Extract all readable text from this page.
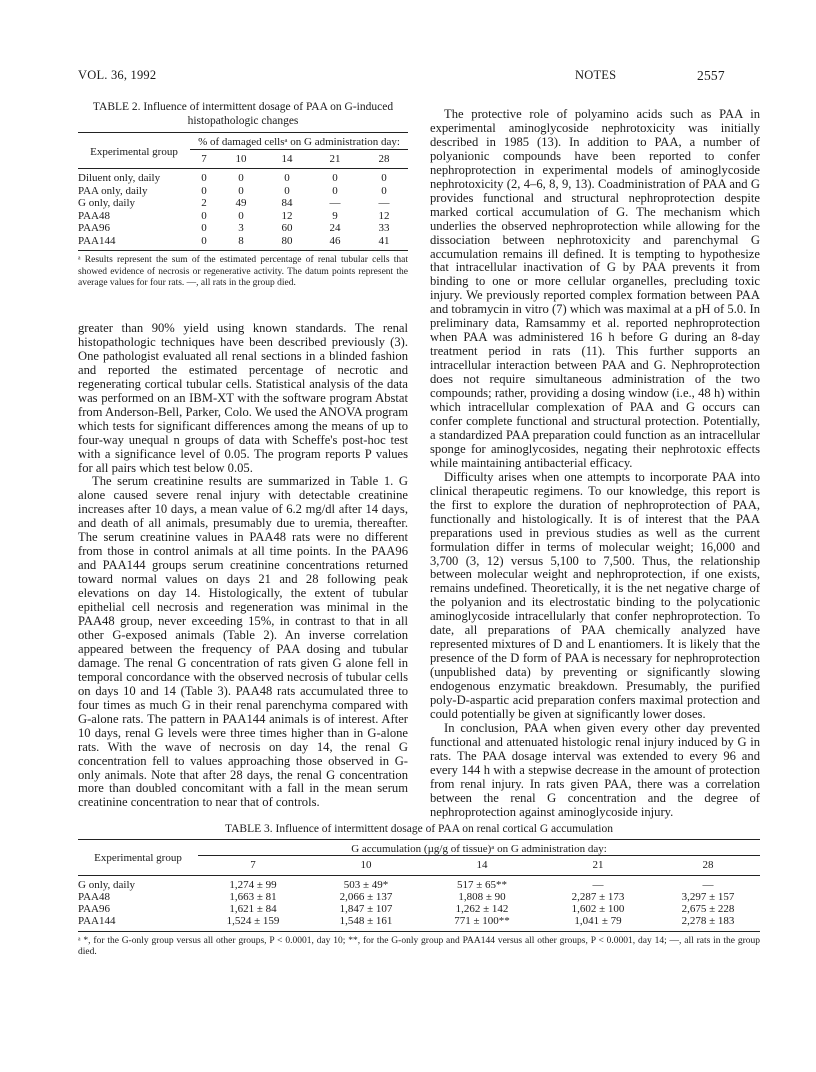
VOL. 36, 1992	NOTES	2557
TABLE 2. Influence of intermittent dosage of PAA on G-induced histopathologic changes
Experimental group	% of damaged cellsᵃ on G administration day:				
	7	10	14	21	28
Diluent only, daily	0	0	0	0	0
PAA only, daily	0	0	0	0	0
G only, daily	2	49	84	—	—
PAA48	0	0	12	9	12
PAA96	0	3	60	24	33
PAA144	0	8	80	46	41
ᵃ Results represent the sum of the estimated percentage of renal tubular cells that showed evidence of necrosis or regenerative activity. The datum points represent the average values for four rats. —, all rats in the group died.

greater than 90% yield using known standards. The renal histopathologic techniques have been described previously (3). One pathologist evaluated all renal sections in a blinded fashion and reported the estimated percentage of necrotic and regenerating cortical tubular cells. Statistical analysis of the data was performed on an IBM-XT with the software program Abstat from Anderson-Bell, Parker, Colo. We used the ANOVA program which tests for significant differences among the means of up to four-way unequal n groups of data with Scheffe's post-hoc test with a significance level of 0.05. The program reports P values for all pairs which test below 0.05.

The serum creatinine results are summarized in Table 1. G alone caused severe renal injury with detectable creatinine increases after 10 days, a mean value of 6.2 mg/dl after 14 days, and death of all animals, presumably due to uremia, thereafter. The serum creatinine values in PAA48 rats were no different from those in control animals at all time points. In the PAA96 and PAA144 groups serum creatinine concentrations returned toward normal values on days 21 and 28 following peak elevations on day 14. Histologically, the extent of tubular epithelial cell necrosis and regeneration was minimal in the PAA48 group, never exceeding 15%, in contrast to that in all other G-exposed animals (Table 2). An inverse correlation appeared between the frequency of PAA dosing and tubular damage. The renal G concentration of rats given G alone fell in temporal concordance with the observed necrosis of tubular cells on days 10 and 14 (Table 3). PAA48 rats accumulated three to four times as much G in their renal parenchyma compared with G-alone rats. The pattern in PAA144 animals is of interest. After 10 days, renal G levels were three times higher than in G-alone rats. With the wave of necrosis on day 14, the renal G concentration fell to values approaching those observed in G-only animals. Note that after 28 days, the renal G concentration more than doubled concomitant with a fall in the mean serum creatinine concentration to near that of controls.

The protective role of polyamino acids such as PAA in experimental aminoglycoside nephrotoxicity was initially described in 1985 (13). In addition to PAA, a number of polyanionic compounds have been reported to confer nephroprotection in experimental models of aminoglycoside nephrotoxicity (2, 4–6, 8, 9, 13). Coadministration of PAA and G provides functional and structural nephroprotection despite marked cortical accumulation of G. The mechanism which underlies the observed nephroprotection while allowing for the dissociation between nephrotoxicity and parenchymal G accumulation remains ill defined. It is tempting to hypothesize that intracellular inactivation of G by PAA prevents it from binding to one or more cellular organelles, precluding toxic injury. We previously reported complex formation between PAA and tobramycin in vitro (7) which was maximal at a pH of 5.0. In preliminary data, Ramsammy et al. reported nephroprotection when PAA was administered 16 h before G during an 8-day treatment period in rats (11). This further supports an intracellular interaction between PAA and G. Nephroprotection does not require simultaneous administration of the two compounds; rather, providing a dosing window (i.e., 48 h) within which intracellular complexation of PAA and G occurs can confer complete functional and structural protection. Potentially, a standardized PAA preparation could function as an intracellular sponge for aminoglycosides, negating their nephrotoxic effects while maintaining antibacterial efficacy.

Difficulty arises when one attempts to incorporate PAA into clinical therapeutic regimens. To our knowledge, this report is the first to explore the duration of nephroprotection of PAA, functionally and histologically. It is of interest that the PAA preparations used in previous studies as well as the current formulation differ in terms of molecular weight; 16,000 and 3,700 (3, 12) versus 5,100 to 7,500. Thus, the relationship between molecular weight and nephroprotection, if one exists, remains undefined. Theoretically, it is the net negative charge of the polyanion and its electrostatic binding to the polycationic aminoglycoside intracellularly that confer nephroprotection. To date, all preparations of PAA chemically analyzed have represented mixtures of D and L enantiomers. It is likely that the presence of the D form of PAA is necessary for nephroprotection (unpublished data) by preventing or significantly slowing endogenous enzymatic breakdown. Presumably, the purified poly-D-aspartic acid preparation confers maximal protection and could potentially be given at significantly lower doses.

In conclusion, PAA when given every other day prevented functional and attenuated histologic renal injury induced by G in rats. The PAA dosage interval was extended to every 96 and every 144 h with a stepwise decrease in the amount of protection from renal injury. In rats given PAA, there was a correlation between the renal G concentration and the degree of nephroprotection against aminoglycoside injury.

TABLE 3. Influence of intermittent dosage of PAA on renal cortical G accumulation
Experimental group	G accumulation (µg/g of tissue)ᵃ on G administration day:				
	7	10	14	21	28
G only, daily	1,274 ± 99	503 ± 49*	517 ± 65**	—	—
PAA48	1,663 ± 81	2,066 ± 137	1,808 ± 90	2,287 ± 173	3,297 ± 157
PAA96	1,621 ± 84	1,847 ± 107	1,262 ± 142	1,602 ± 100	2,675 ± 228
PAA144	1,524 ± 159	1,548 ± 161	771 ± 100**	1,041 ± 79	2,278 ± 183
ᵃ *, for the G-only group versus all other groups, P < 0.0001, day 10; **, for the G-only group and PAA144 versus all other groups, P < 0.0001, day 14; —, all rats in the group died.
